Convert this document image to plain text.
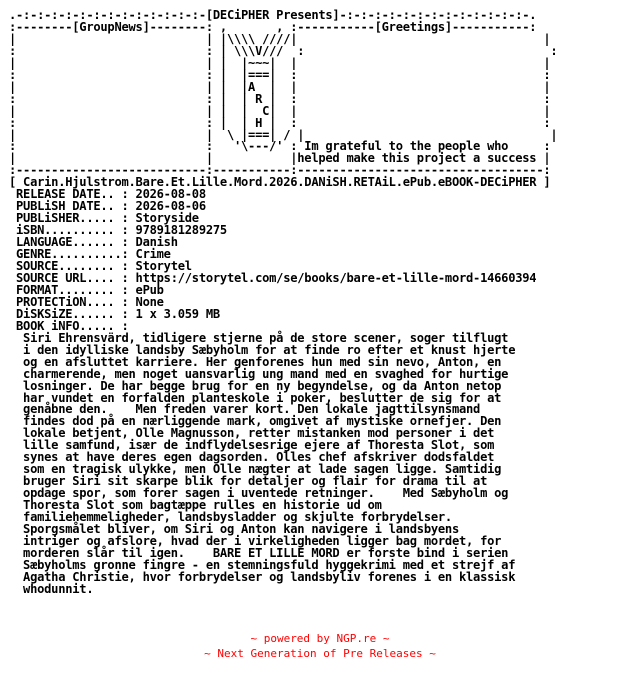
.-:-:-:-:-:-:-:-:-:-:-:-:-:-[DECiPHER Presents]-:-:-:-:-:-:-:-:-:-:-:-:-:-.
:--------[GroupNews]--------: ,       , :-----------[Greetings]-----------:
|                           | |\\\\ ////|                                   |
:                           : | \\\V///  :                                   :
|                           | |  |~~~|  |                                   |
:                           : |  |===|  :                                   :
|                           | |  |A  |  |                                   |
:                           : |  | R |  :                                   :
|                           | |  |  C|  |                                   |
:                           : |  | H |  :                                   :
|                           |  \ |===| / |                                   |
:                           :   '\---/' : Im grateful to the people who     :
|                           |           |helped make this project a success |
:---------------------------:-----------:-----------------------------------:
[ Carin.Hjulstrom.Bare.Et.Lille.Mord.2026.DANiSH.RETAiL.ePub.eBOOK-DECiPHER ]
RELEASE DATE.. : 2026-08-08
PUBLiSH DATE.. : 2026-08-06
PUBLiSHER..... : Storyside
iSBN.......... : 9789181289275
LANGUAGE...... : Danish
GENRE..........: Crime
SOURCE........ : Storytel
SOURCE URL.... : https://storytel.com/se/books/bare-et-lille-mord-14660394
FORMAT........ : ePub
PROTECTiON.... : None
DiSKSiZE...... : 1 x 3.059 MB
BOOK iNFO..... :
Siri Ehrensvärd, tidligere stjerne på de store scener, soger tilflugt
i den idylliske landsby Sæbyholm for at finde ro efter et knust hjerte
og en afsluttet karriere. Her genforenes hun med sin nevo, Anton, en
charmerende, men noget uansvarlig ung mand med en svaghed for hurtige
losninger. De har begge brug for en ny begyndelse, og da Anton netop
har vundet en forfalden planteskole i poker, beslutter de sig for at
genåbne den.    Men freden varer kort. Den lokale jagttilsynsmand
findes dod på en nærliggende mark, omgivet af mystiske ornefjer. Den
lokale betjent, Olle Magnusson, retter mistanken mod personer i det
lille samfund, især de indflydelsesrige ejere af Thoresta Slot, som
synes at have deres egen dagsorden. Olles chef afskriver dodsfaldet
som en tragisk ulykke, men Olle nægter at lade sagen ligge. Samtidig
bruger Siri sit skarpe blik for detaljer og flair for drama til at
opdage spor, som forer sagen i uventede retninger.    Med Sæbyholm og
Thoresta Slot som bagtæppe rulles en historie ud om
familiehemmeligheder, landsbysladder og skjulte forbrydelser.
Sporgsmålet bliver, om Siri og Anton kan navigere i landsbyens
intriger og afslore, hvad der i virkeligheden ligger bag mordet, for
morderen slår til igen.    BARE ET LILLE MORD er forste bind i serien
Sæbyholms gronne fingre - en stemningsfuld hyggekrimi med et strejf af
Agatha Christie, hvor forbrydelser og landsbyliv forenes i en klassisk
whodunnit.
~ powered by NGP.re ~
~ Next Generation of Pre Releases ~
